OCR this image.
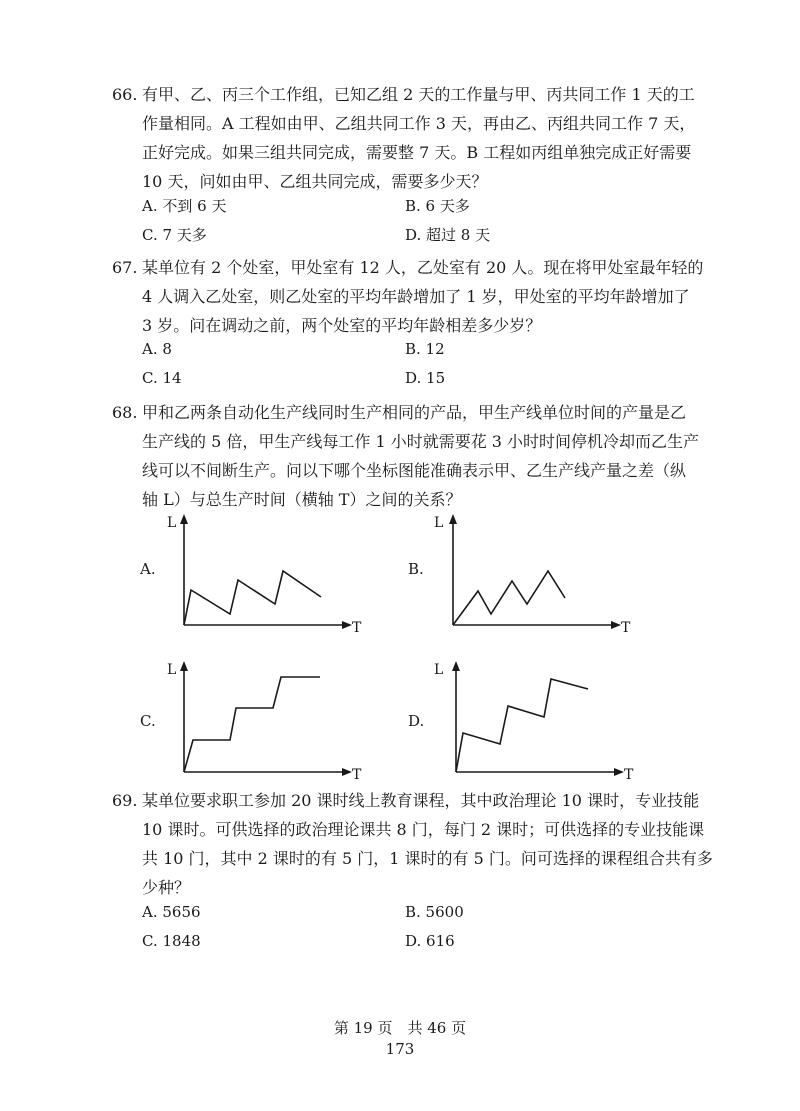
66. 有甲、乙、丙三个工作组，已知乙组 2 天的工作量与甲、丙共同工作 1 天的工
作量相同。A 工程如由甲、乙组共同工作 3 天，再由乙、丙组共同工作 7 天，
正好完成。如果三组共同完成，需要整 7 天。B 工程如丙组单独完成正好需要
10 天，问如由甲、乙组共同完成，需要多少天？
A. 不到 6 天	B. 6 天多
C. 7 天多	D. 超过 8 天
67. 某单位有 2 个处室，甲处室有 12 人，乙处室有 20 人。现在将甲处室最年轻的
4 人调入乙处室，则乙处室的平均年龄增加了 1 岁，甲处室的平均年龄增加了
3 岁。问在调动之前，两个处室的平均年龄相差多少岁？
A. 8	B. 12
C. 14	D. 15
68. 甲和乙两条自动化生产线同时生产相同的产品，甲生产线单位时间的产量是乙
生产线的 5 倍，甲生产线每工作 1 小时就需要花 3 小时时间停机冷却而乙生产
线可以不间断生产。问以下哪个坐标图能准确表示甲、乙生产线产量之差（纵
轴 L）与总生产时间（横轴 T）之间的关系？
A.
L
T
B.
L
T
C.
L
T
D.
L
T
69. 某单位要求职工参加 20 课时线上教育课程，其中政治理论 10 课时，专业技能
10 课时。可供选择的政治理论课共 8 门，每门 2 课时；可供选择的专业技能课
共 10 门，其中 2 课时的有 5 门，1 课时的有 5 门。问可选择的课程组合共有多
少种？
A. 5656	B. 5600
C. 1848	D. 616
第 19 页　共 46 页
173
